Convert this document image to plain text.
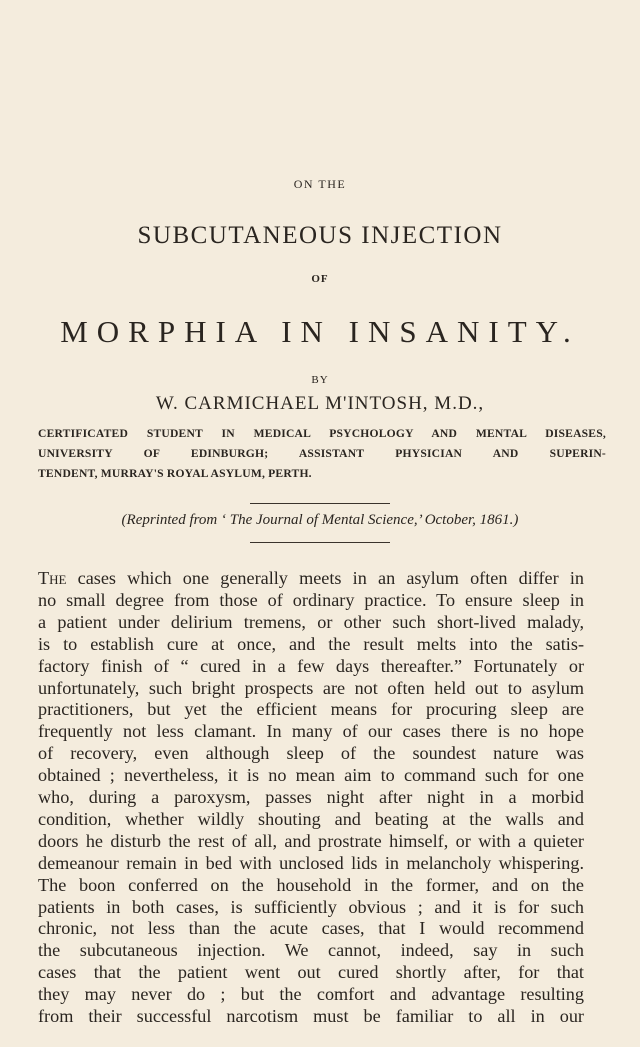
ON THE
SUBCUTANEOUS INJECTION
OF
MORPHIA IN INSANITY.
BY
W. CARMICHAEL M'INTOSH, M.D.,
CERTIFICATED STUDENT IN MEDICAL PSYCHOLOGY AND MENTAL DISEASES,
UNIVERSITY OF EDINBURGH; ASSISTANT PHYSICIAN AND SUPERIN-
TENDENT, MURRAY'S ROYAL ASYLUM, PERTH.
(Reprinted from ‘ The Journal of Mental Science,’ October, 1861.)
The cases which one generally meets in an asylum often differ in
no small degree from those of ordinary practice. To ensure sleep in
a patient under delirium tremens, or other such short-lived malady,
is to establish cure at once, and the result melts into the satis-
factory finish of “ cured in a few days thereafter.” Fortunately or
unfortunately, such bright prospects are not often held out to asylum
practitioners, but yet the efficient means for procuring sleep are
frequently not less clamant. In many of our cases there is no hope
of recovery, even although sleep of the soundest nature was
obtained ; nevertheless, it is no mean aim to command such for one
who, during a paroxysm, passes night after night in a morbid
condition, whether wildly shouting and beating at the walls and
doors he disturb the rest of all, and prostrate himself, or with a quieter
demeanour remain in bed with unclosed lids in melancholy whispering.
The boon conferred on the household in the former, and on the
patients in both cases, is sufficiently obvious ; and it is for such
chronic, not less than the acute cases, that I would recommend
the subcutaneous injection. We cannot, indeed, say in such
cases that the patient went out cured shortly after, for that
they may never do ; but the comfort and advantage resulting
from their successful narcotism must be familiar to all in our
